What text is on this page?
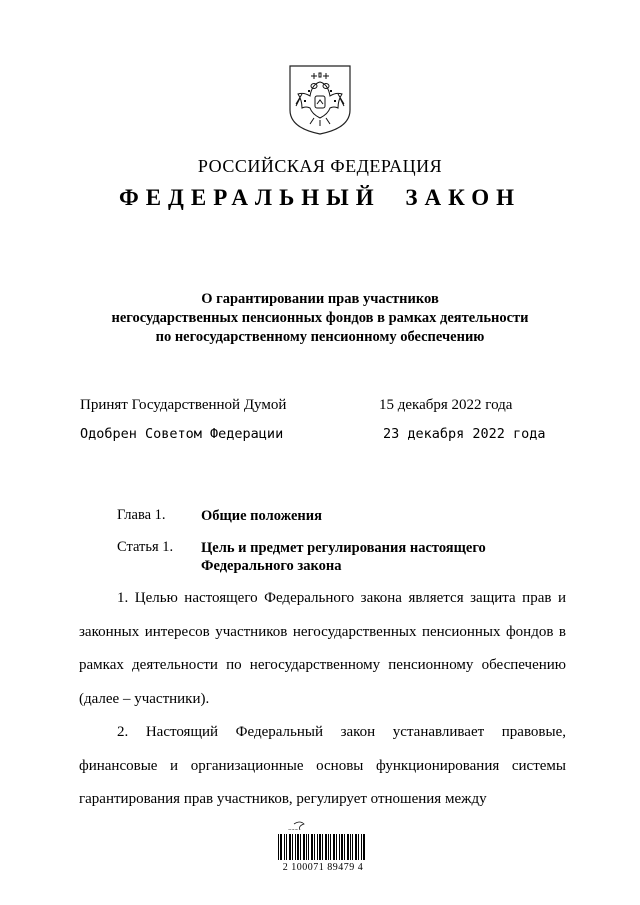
РОССИЙСКАЯ ФЕДЕРАЦИЯ
ФЕДЕРАЛЬНЫЙ ЗАКОН
О гарантировании прав участников
негосударственных пенсионных фондов в рамках деятельности
по негосударственному пенсионному обеспечению
Принят Государственной Думой	15 декабря 2022 года
Одобрен Советом Федерации	23 декабря 2022 года
Глава 1. Общие положения
Статья 1. Цель и предмет регулирования настоящего
Федерального закона

1. Целью настоящего Федерального закона является защита прав и законных интересов участников негосударственных пенсионных фондов в рамках деятельности по негосударственному пенсионному обеспечению (далее – участники).

2. Настоящий Федеральный закон устанавливает правовые, финансовые и организационные основы функционирования системы гарантирования прав участников, регулирует отношения между

~~~
2 100071 89479 4
